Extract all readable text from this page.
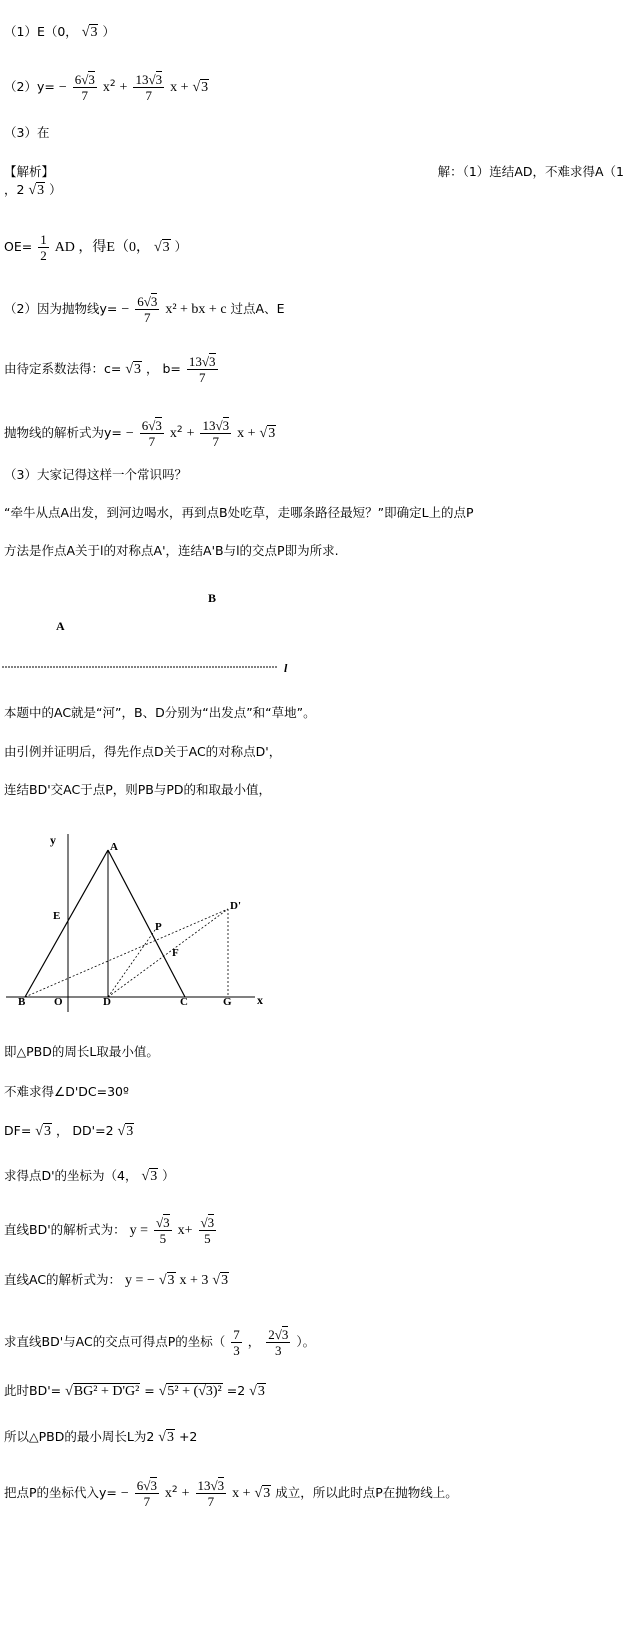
（1）E（0， √3 ）
$(2)y= - \frac{6√3}{7} x^2 + \frac{13√3}{7}$ x + √3
（3）在
【解析】	解：（1）连结AD，不难求得A（1
，2 √3 ）
$OE= \frac{1}{2}$ AD ，得E（0， √3 ）
（2）因为抛物线$y= - \frac{6√3}{7} x^2$ + bx + c 过点A、E
由待定系数法得：c= √3 ， $b= \frac{13√3}{7}$
抛物线的解析式为$y= - \frac{6√3}{7} x^2 + \frac{13√3}{7}$ x + √3
（3）大家记得这样一个常识吗？
“牵牛从点A出发，到河边喝水，再到点B处吃草，走哪条路径最短？”即确定L上的点P
方法是作点A关于l的对称点A'，连结A'B与l的交点P即为所求.
B
A
l
本题中的AC就是“河”，B、D分别为“出发点”和“草地”。
由引例并证明后，得先作点D关于AC的对称点D'，
连结BD'交AC于点P，则PB与PD的和取最小值，
y
x
A
E
P
F
D'
B	O	D	C	G
即△PBD的周长L取最小值。
不难求得∠D'DC=30º
DF= √3 ， DD'=2 √3
求得点D'的坐标为（4， √3 ）
直线BD'的解析式为： $y = \frac{√3}{5} x+ \frac{√3}{5}$
直线AC的解析式为： y = − √3 x + 3 √3
求直线BD'与AC的交点可得点P的坐标（ $\frac{7}{3}$ ， $\frac{2√3}{3}$ ）。
此时BD'= √BG² + D'G² = √5² + (√3)² =2 √3
所以△PBD的最小周长L为2 √3 +2
把点P的坐标代入$y= - \frac{6√3}{7} x^2 + \frac{13√3}{7}$ x + √3 成立，所以此时点P在抛物线上。
